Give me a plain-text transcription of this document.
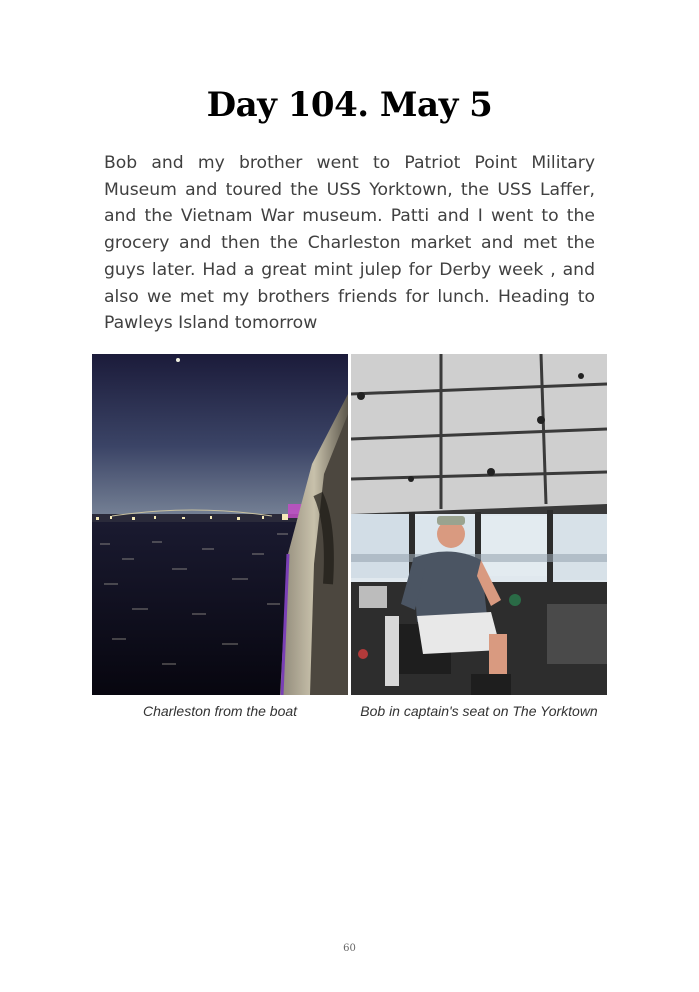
Day 104. May 5

Bob and my brother went to Patriot Point Military Museum and toured the USS Yorktown, the USS Laffer, and the Vietnam War museum. Patti and I went to the grocery and then the Charleston market and met the guys later. Had a great mint julep for Derby week , and also we met my brothers friends for lunch. Heading to Pawleys Island tomorrow

Charleston from the boat	Bob in captain's seat on The Yorktown
60
